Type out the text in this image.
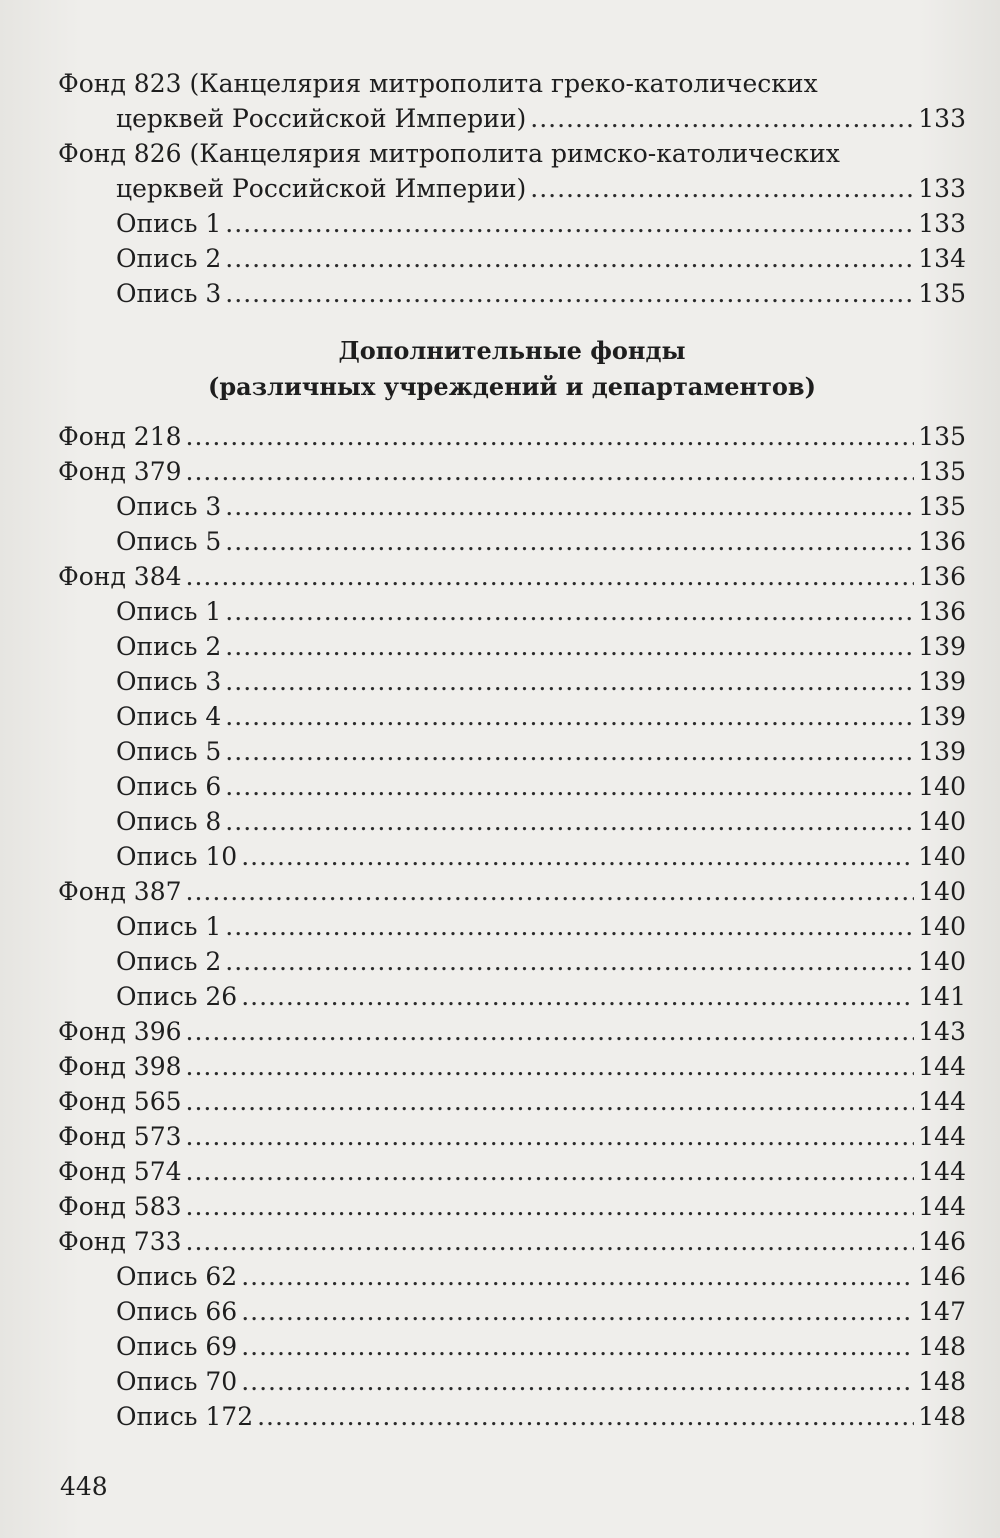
Фонд 823 (Канцелярия митрополита греко-католических
церквей Российской Империи) .....	133
Фонд 826 (Канцелярия митрополита римско-католических
церквей Российской Империи) .....	133
Опись 1 .....	133
Опись 2 .....	134
Опись 3 .....	135
Дополнительные фонды
(различных учреждений и департаментов)
Фонд 218 .....	135
Фонд 379 .....	135
Опись 3 .....	135
Опись 5 .....	136
Фонд 384 .....	136
Опись 1 .....	136
Опись 2 .....	139
Опись 3 .....	139
Опись 4 .....	139
Опись 5 .....	139
Опись 6 .....	140
Опись 8 .....	140
Опись 10 .....	140
Фонд 387 .....	140
Опись 1 .....	140
Опись 2 .....	140
Опись 26 .....	141
Фонд 396 .....	143
Фонд 398 .....	144
Фонд 565 .....	144
Фонд 573 .....	144
Фонд 574 .....	144
Фонд 583 .....	144
Фонд 733 .....	146
Опись 62 .....	146
Опись 66 .....	147
Опись 69 .....	148
Опись 70 .....	148
Опись 172 .....	148
448
